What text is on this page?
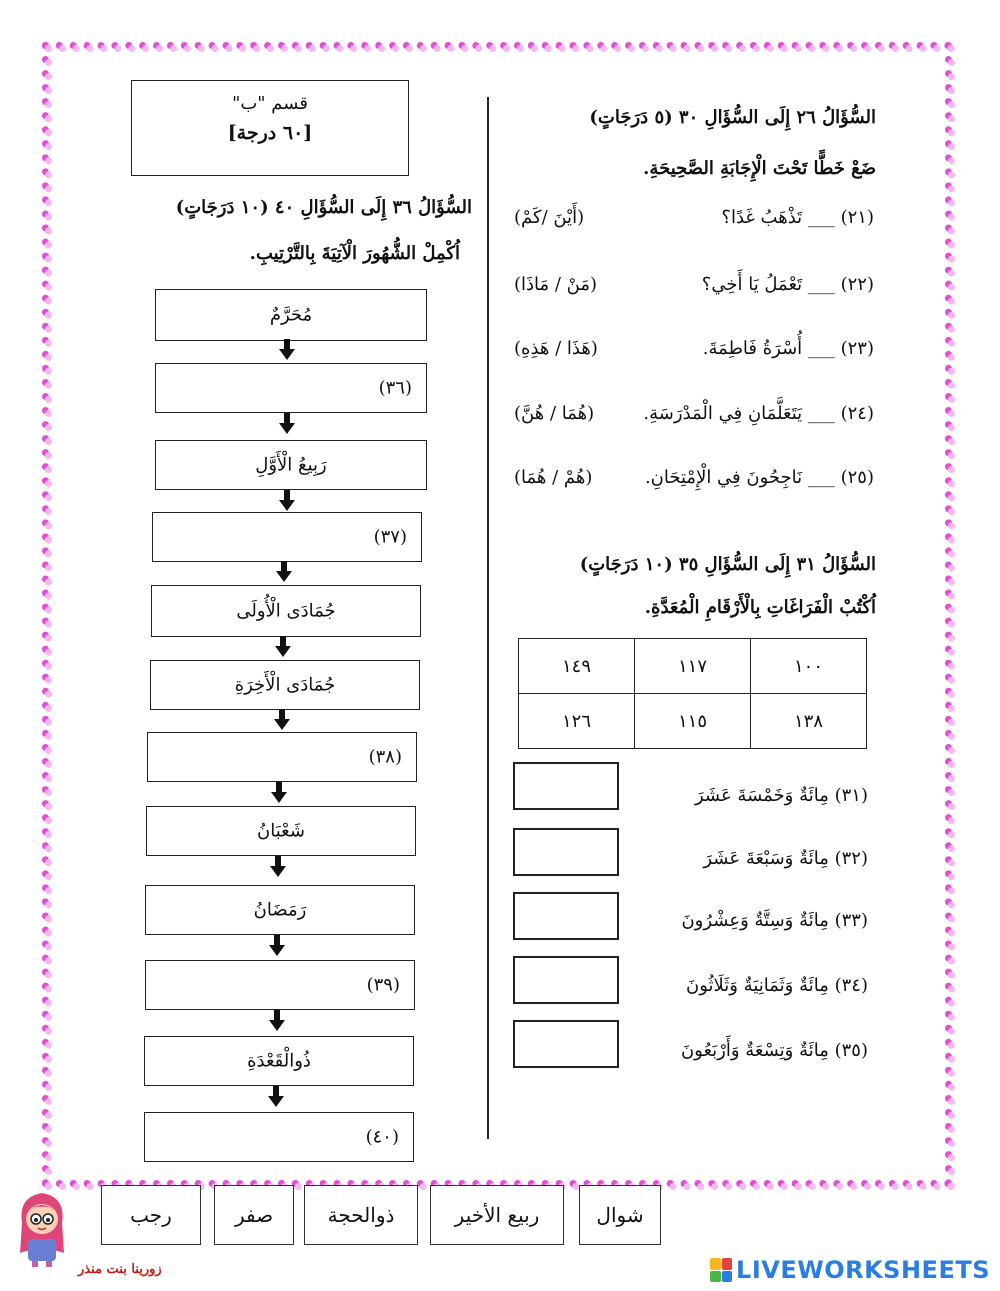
السُّؤَالُ ٢٦ إِلَى السُّؤَالِ ٣٠ (٥ دَرَجَاتٍ)
ضَعْ خَطًّا تَحْتَ الْإِجَابَةِ الصَّحِيحَةِ.
(٢١) ___ تَذْهَبُ غَدًا؟
(أَيْنَ /كَمْ)
(٢٢) ___ تَعْمَلُ يَا أَخِي؟
(مَنْ / مَاذَا)
(٢٣) ___ أُسْرَةُ فَاطِمَةَ.
(هَذَا / هَذِهِ)
(٢٤) ___ يَتَعَلَّمَانِ فِي الْمَدْرَسَةِ.
(هُمَا / هُنَّ)
(٢٥) ___ نَاجِحُونَ فِي الْإِمْتِحَانِ.
(هُمْ / هُمَا)
السُّؤَالُ ٣١ إِلَى السُّؤَالِ ٣٥ (١٠ دَرَجَاتٍ)
اُكْتُبْ الْفَرَاغَاتِ بِالْأَرْقَامِ الْمُعَدَّةِ.
١٤٩	١١٧	١٠٠
١٢٦	١١٥	١٣٨
(٣١) مِائَةٌ وَخَمْسَةَ عَشَرَ
(٣٢) مِائَةٌ وَسَبْعَةَ عَشَرَ
(٣٣) مِائَةٌ وَسِتَّةٌ وَعِشْرُونَ
(٣٤) مِائَةٌ وَثَمَانِيَةٌ وَثَلَاثُونَ
(٣٥) مِائَةٌ وَتِسْعَةٌ وَأَرْبَعُونَ
قسم "ب"
[٦٠ درجة]
السُّؤَالُ ٣٦ إِلَى السُّؤَالِ ٤٠ (١٠ دَرَجَاتٍ)
اُكْمِلْ الشُّهُورَ الْآتِيَةَ بِالتَّرْتِيبِ.
مُحَرَّمٌ
(٣٦)
رَبِيعُ الْأَوَّلِ
(٣٧)
جُمَادَى الْأُولَى
جُمَادَى الْأَخِرَةِ
(٣٨)
شَعْبَانُ
رَمَضَانُ
(٣٩)
ذُوالْقَعْدَةِ
(٤٠)
رجب	صفر	ذوالحجة	ربيع الأخير	شوال
زورينا بنت منذر	LIVEWORKSHEETS
